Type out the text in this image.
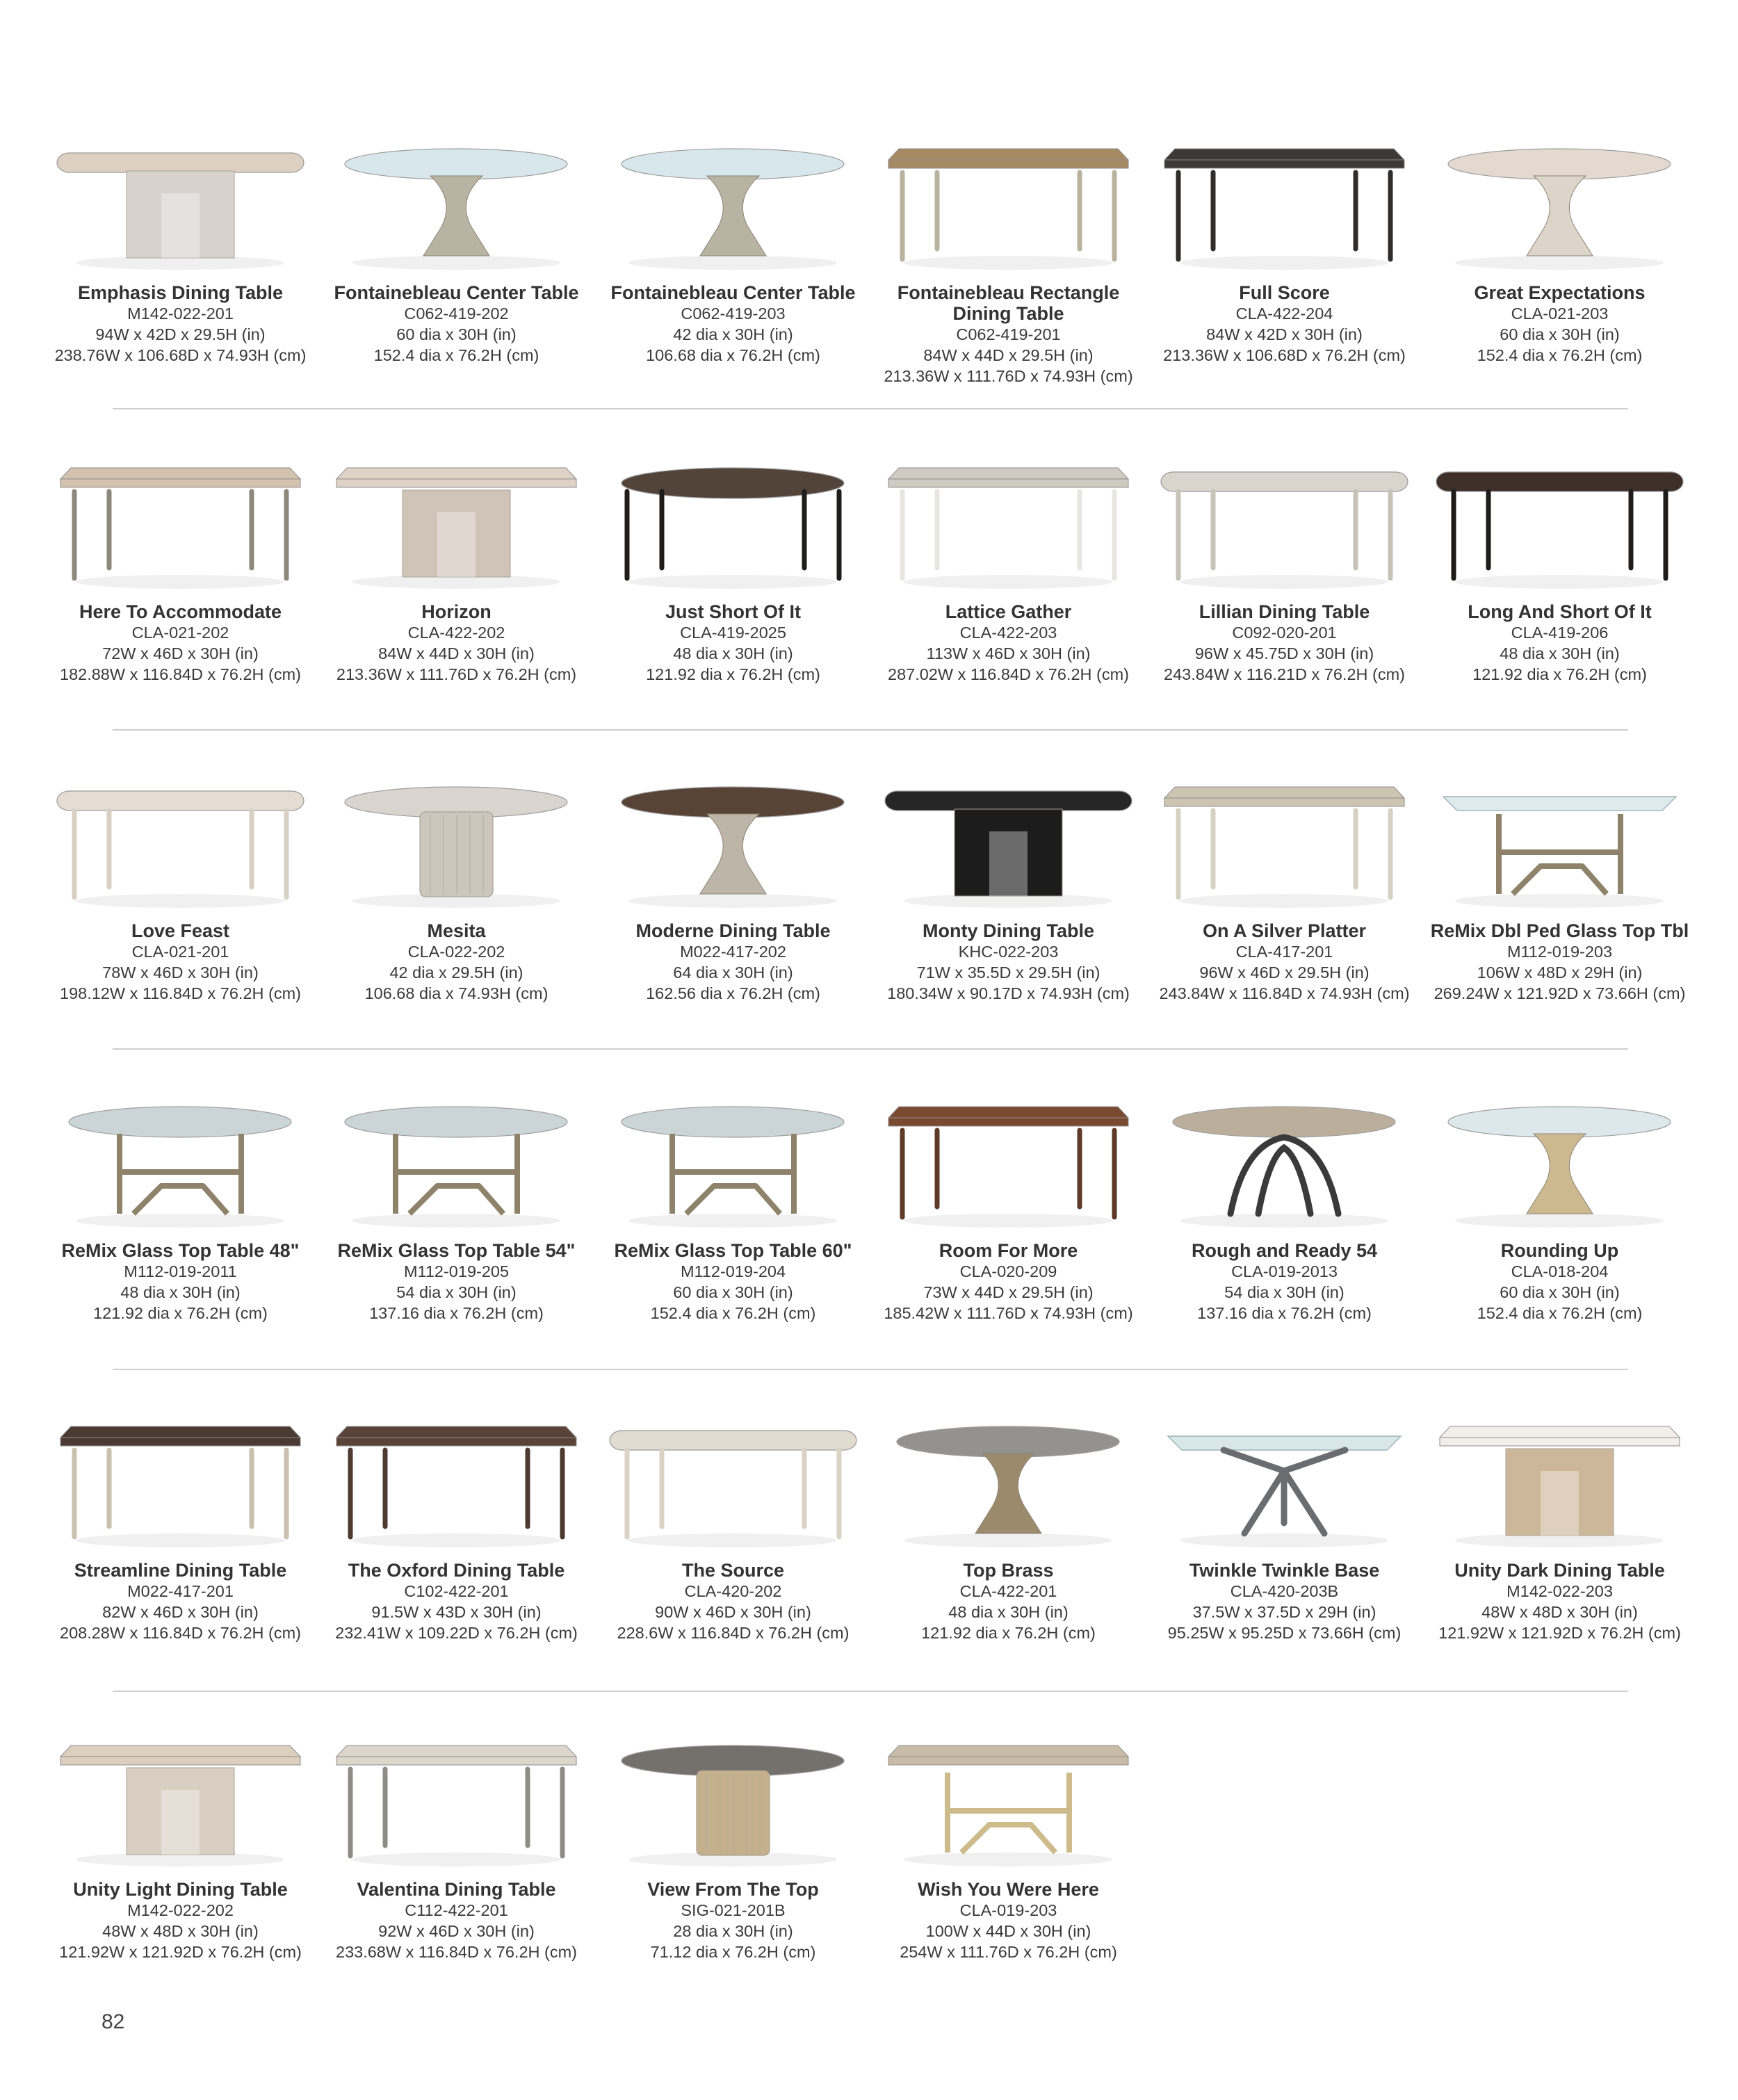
Emphasis Dining Table
M142-022-201
94W x 42D x 29.5H (in)
238.76W x 106.68D x 74.93H (cm)
Fontainebleau Center Table
C062-419-202
60 dia x 30H (in)
152.4 dia x 76.2H (cm)
Fontainebleau Center Table
C062-419-203
42 dia x 30H (in)
106.68 dia x 76.2H (cm)
Fontainebleau Rectangle Dining Table
C062-419-201
84W x 44D x 29.5H (in)
213.36W x 111.76D x 74.93H (cm)
Full Score
CLA-422-204
84W x 42D x 30H (in)
213.36W x 106.68D x 76.2H (cm)
Great Expectations
CLA-021-203
60 dia x 30H (in)
152.4 dia x 76.2H (cm)
Here To Accommodate
CLA-021-202
72W x 46D x 30H (in)
182.88W x 116.84D x 76.2H (cm)
Horizon
CLA-422-202
84W x 44D x 30H (in)
213.36W x 111.76D x 76.2H (cm)
Just Short Of It
CLA-419-2025
48 dia x 30H (in)
121.92 dia x 76.2H (cm)
Lattice Gather
CLA-422-203
113W x 46D x 30H (in)
287.02W x 116.84D x 76.2H (cm)
Lillian Dining Table
C092-020-201
96W x 45.75D x 30H (in)
243.84W x 116.21D x 76.2H (cm)
Long And Short Of It
CLA-419-206
48 dia x 30H (in)
121.92 dia x 76.2H (cm)
Love Feast
CLA-021-201
78W x 46D x 30H (in)
198.12W x 116.84D x 76.2H (cm)
Mesita
CLA-022-202
42 dia x 29.5H (in)
106.68 dia x 74.93H (cm)
Moderne Dining Table
M022-417-202
64 dia x 30H (in)
162.56 dia x 76.2H (cm)
Monty Dining Table
KHC-022-203
71W x 35.5D x 29.5H (in)
180.34W x 90.17D x 74.93H (cm)
On A Silver Platter
CLA-417-201
96W x 46D x 29.5H (in)
243.84W x 116.84D x 74.93H (cm)
ReMix Dbl Ped Glass Top Tbl
M112-019-203
106W x 48D x 29H (in)
269.24W x 121.92D x 73.66H (cm)
ReMix Glass Top Table 48"
M112-019-2011
48 dia x 30H (in)
121.92 dia x 76.2H (cm)
ReMix Glass Top Table 54"
M112-019-205
54 dia x 30H (in)
137.16 dia x 76.2H (cm)
ReMix Glass Top Table 60"
M112-019-204
60 dia x 30H (in)
152.4 dia x 76.2H (cm)
Room For More
CLA-020-209
73W x 44D x 29.5H (in)
185.42W x 111.76D x 74.93H (cm)
Rough and Ready 54
CLA-019-2013
54 dia x 30H (in)
137.16 dia x 76.2H (cm)
Rounding Up
CLA-018-204
60 dia x 30H (in)
152.4 dia x 76.2H (cm)
Streamline Dining Table
M022-417-201
82W x 46D x 30H (in)
208.28W x 116.84D x 76.2H (cm)
The Oxford Dining Table
C102-422-201
91.5W x 43D x 30H (in)
232.41W x 109.22D x 76.2H (cm)
The Source
CLA-420-202
90W x 46D x 30H (in)
228.6W x 116.84D x 76.2H (cm)
Top Brass
CLA-422-201
48 dia x 30H (in)
121.92 dia x 76.2H (cm)
Twinkle Twinkle Base
CLA-420-203B
37.5W x 37.5D x 29H (in)
95.25W x 95.25D x 73.66H (cm)
Unity Dark Dining Table
M142-022-203
48W x 48D x 30H (in)
121.92W x 121.92D x 76.2H (cm)
Unity Light Dining Table
M142-022-202
48W x 48D x 30H (in)
121.92W x 121.92D x 76.2H (cm)
Valentina Dining Table
C112-422-201
92W x 46D x 30H (in)
233.68W x 116.84D x 76.2H (cm)
View From The Top
SIG-021-201B
28 dia x 30H (in)
71.12 dia x 76.2H (cm)
Wish You Were Here
CLA-019-203
100W x 44D x 30H (in)
254W x 111.76D x 76.2H (cm)
82
